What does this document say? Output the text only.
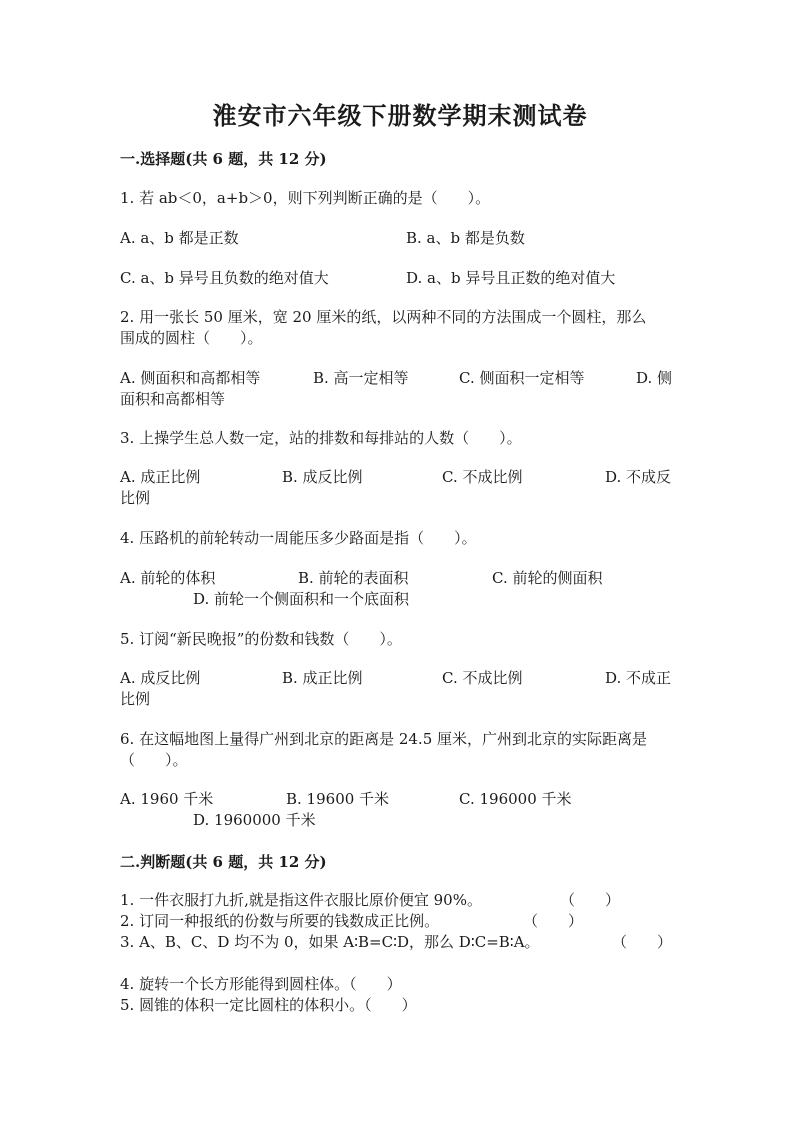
淮安市六年级下册数学期末测试卷
一.选择题(共 6 题，共 12 分)
1. 若 ab＜0，a+b＞0，则下列判断正确的是（　　）。
A. a、b 都是正数	B. a、b 都是负数
C. a、b 异号且负数的绝对值大	D. a、b 异号且正数的绝对值大
2. 用一张长 50 厘米，宽 20 厘米的纸，以两种不同的方法围成一个圆柱，那么
围成的圆柱（　　）。
A. 侧面积和高都相等	B. 高一定相等	C. 侧面积一定相等	D. 侧
面积和高都相等
3. 上操学生总人数一定，站的排数和每排站的人数（　　）。
A. 成正比例	B. 成反比例	C. 不成比例	D. 不成反
比例
4. 压路机的前轮转动一周能压多少路面是指（　　）。
A. 前轮的体积	B. 前轮的表面积	C. 前轮的侧面积
D. 前轮一个侧面积和一个底面积
5. 订阅“新民晚报”的份数和钱数（　　）。
A. 成反比例	B. 成正比例	C. 不成比例	D. 不成正
比例
6. 在这幅地图上量得广州到北京的距离是 24.5 厘米，广州到北京的实际距离是
（　　）。
A. 1960 千米	B. 19600 千米	C. 196000 千米
D. 1960000 千米
二.判断题(共 6 题，共 12 分)
1. 一件衣服打九折,就是指这件衣服比原价便宜 90%。	（　　）
2. 订同一种报纸的份数与所要的钱数成正比例。	（　　）
3. A、B、C、D 均不为 0，如果 A∶B=C∶D，那么 D∶C=B∶A。	（　　）
4. 旋转一个长方形能得到圆柱体。（　　）
5. 圆锥的体积一定比圆柱的体积小。（　　）
